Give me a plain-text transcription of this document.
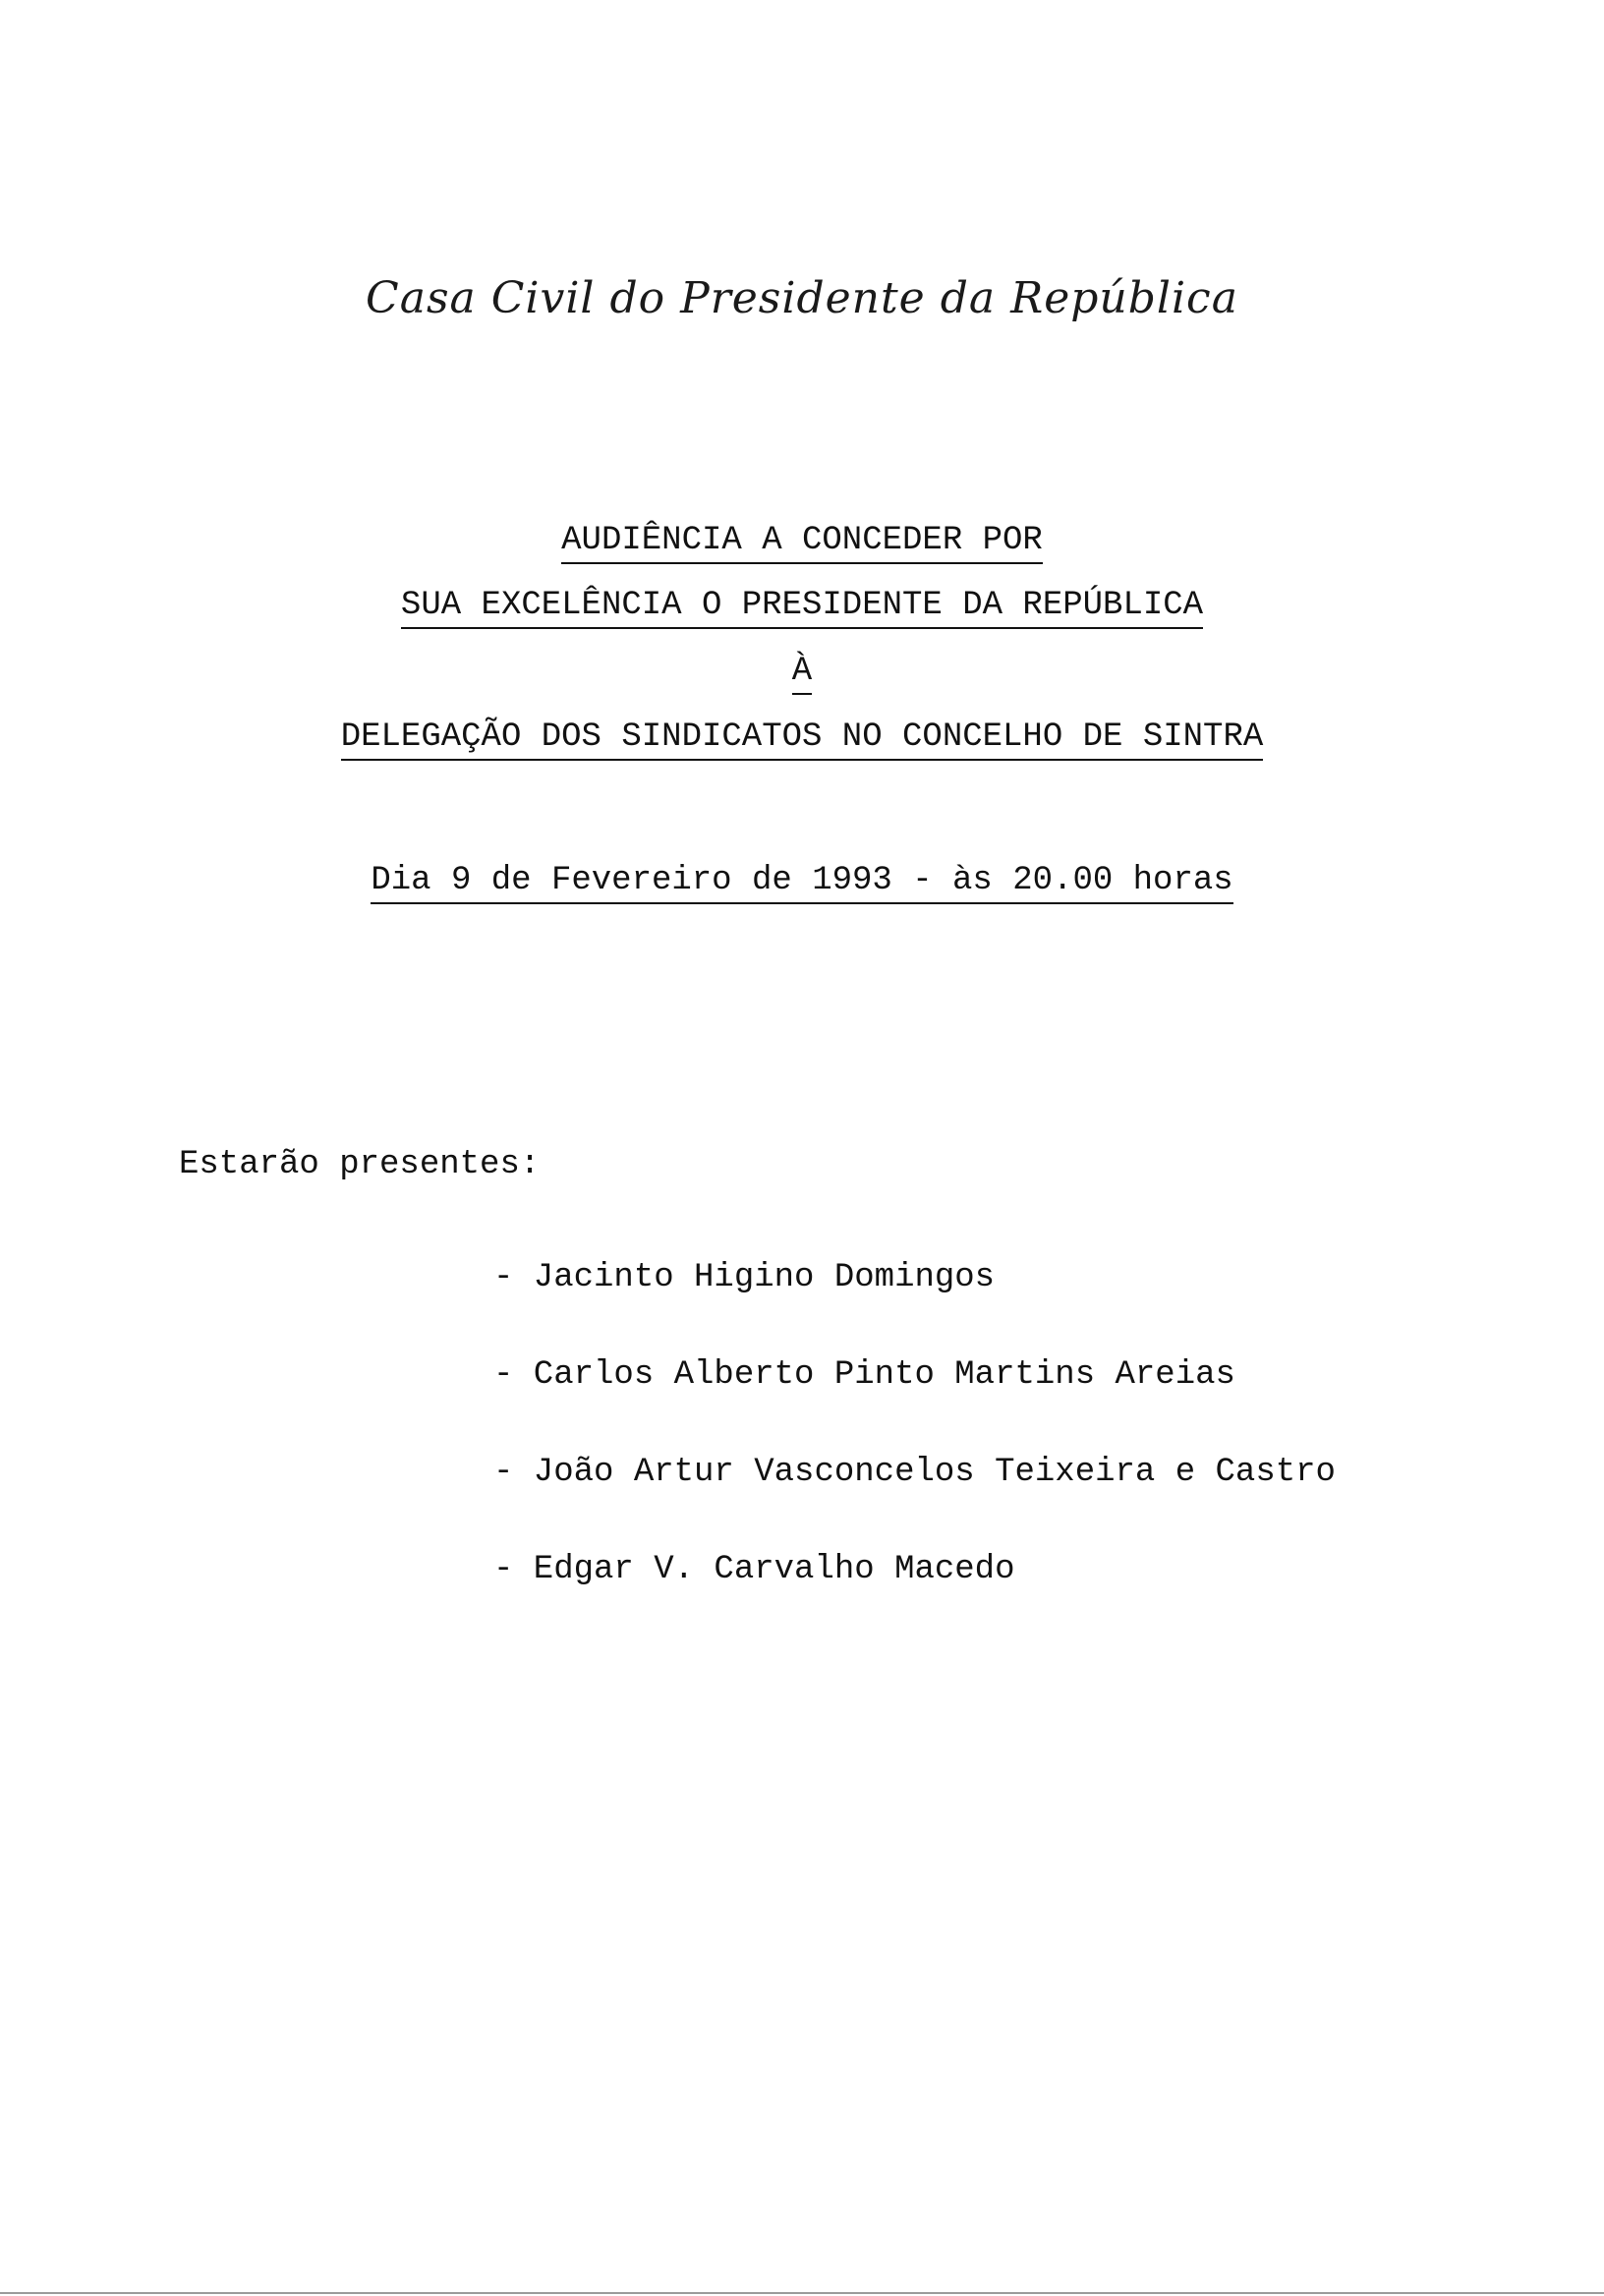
Casa Civil do Presidente da República
AUDIÊNCIA A CONCEDER POR
SUA EXCELÊNCIA O PRESIDENTE DA REPÚBLICA
À
DELEGAÇÃO DOS SINDICATOS NO CONCELHO DE SINTRA
Dia 9 de Fevereiro de 1993 - às 20.00 horas
Estarão presentes:
- Jacinto Higino Domingos
- Carlos Alberto Pinto Martins Areias
- João Artur Vasconcelos Teixeira e Castro
- Edgar V. Carvalho Macedo
